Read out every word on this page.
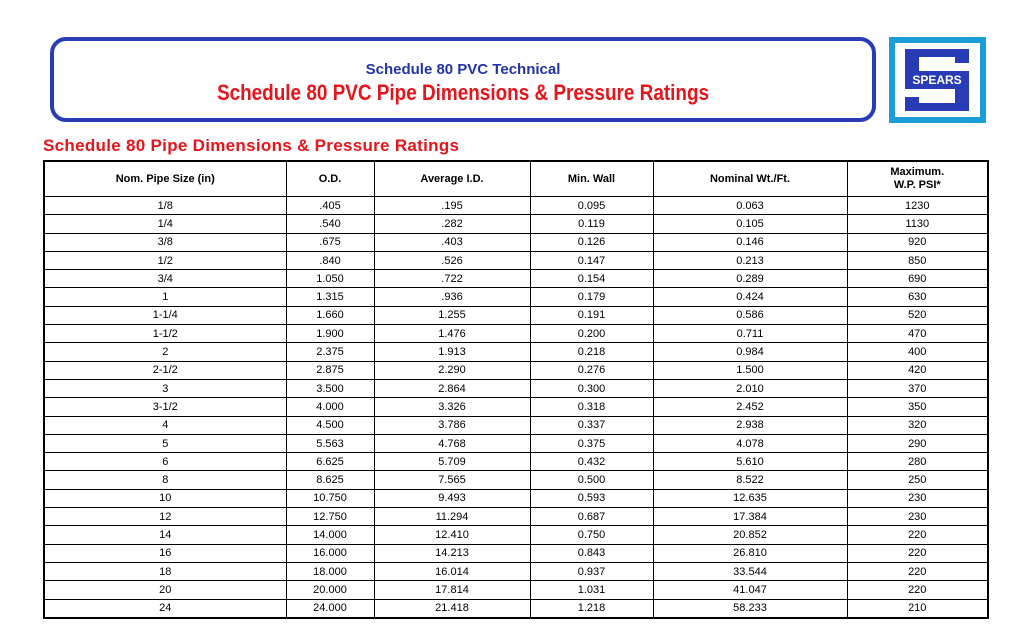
Schedule 80 PVC Technical
Schedule 80 PVC Pipe Dimensions & Pressure Ratings	SPEARS
Schedule 80 Pipe Dimensions & Pressure Ratings
Nom. Pipe Size (in)	O.D.	Average I.D.	Min. Wall	Nominal Wt./Ft.	Maximum.
W.P. PSI*
1/8	.405	.195	0.095	0.063	1230
1/4	.540	.282	0.119	0.105	1130
3/8	.675	.403	0.126	0.146	920
1/2	.840	.526	0.147	0.213	850
3/4	1.050	.722	0.154	0.289	690
1	1.315	.936	0.179	0.424	630
1-1/4	1.660	1.255	0.191	0.586	520
1-1/2	1.900	1.476	0.200	0.711	470
2	2.375	1.913	0.218	0.984	400
2-1/2	2.875	2.290	0.276	1.500	420
3	3.500	2.864	0.300	2.010	370
3-1/2	4.000	3.326	0.318	2.452	350
4	4.500	3.786	0.337	2.938	320
5	5.563	4.768	0.375	4.078	290
6	6.625	5.709	0.432	5.610	280
8	8.625	7.565	0.500	8.522	250
10	10.750	9.493	0.593	12.635	230
12	12.750	11.294	0.687	17.384	230
14	14.000	12.410	0.750	20.852	220
16	16.000	14.213	0.843	26.810	220
18	18.000	16.014	0.937	33.544	220
20	20.000	17.814	1.031	41.047	220
24	24.000	21.418	1.218	58.233	210
